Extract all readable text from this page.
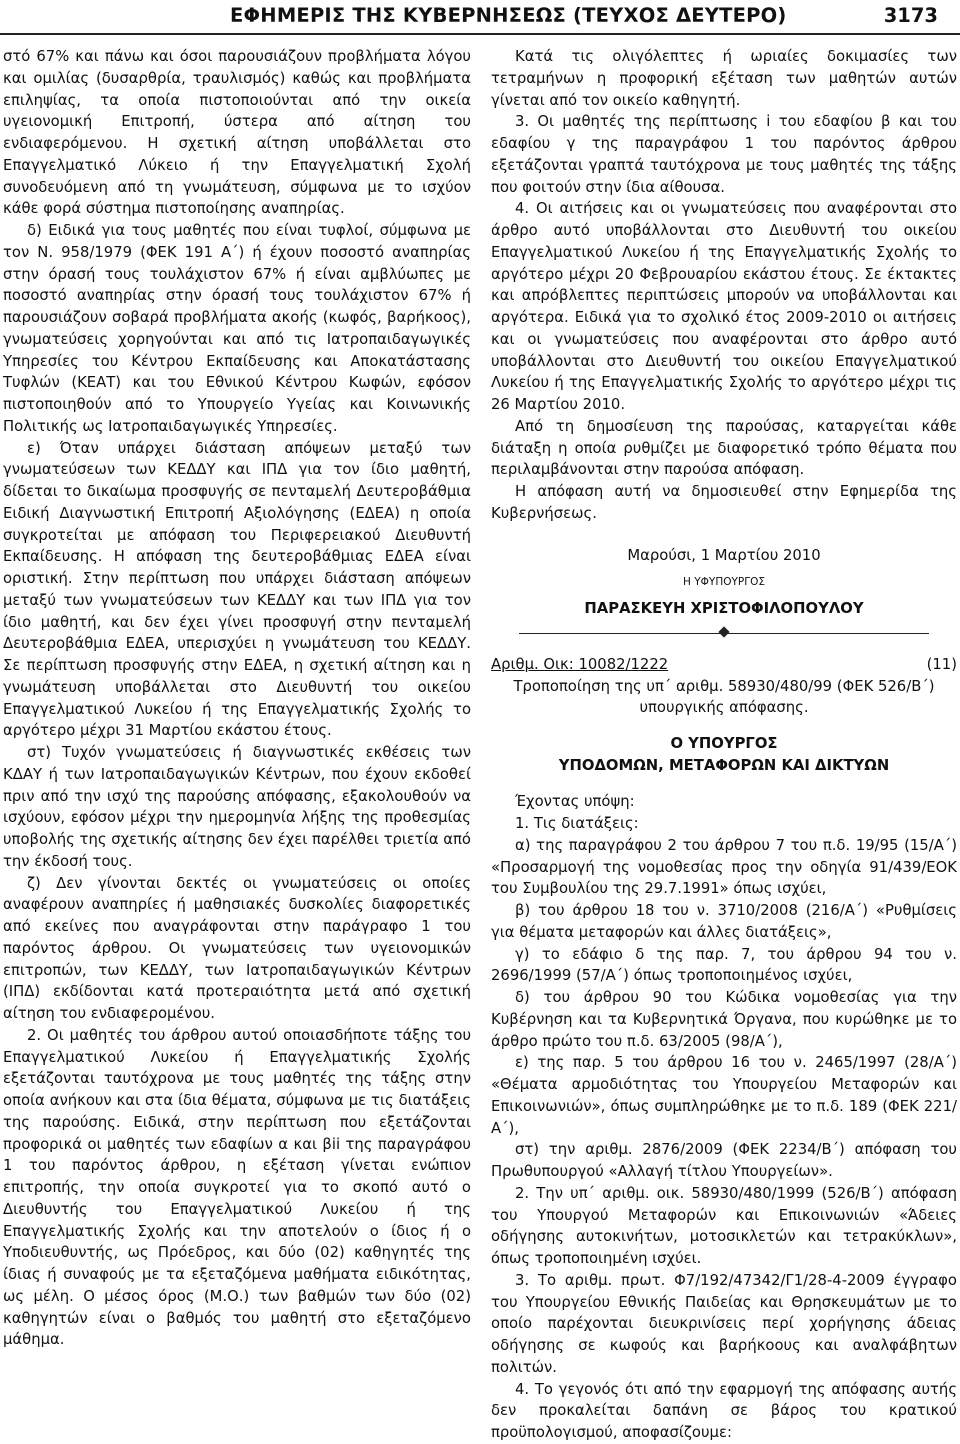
ΕΦΗΜΕΡΙΣ ΤΗΣ ΚΥΒΕΡΝΗΣΕΩΣ (ΤΕΥΧΟΣ ΔΕΥΤΕΡΟ)	3173

στό 67% και πάνω και όσοι παρουσιάζουν προβλήματα λόγου και ομιλίας (δυσαρθρία, τραυλισμός) καθώς και προβλήματα επιληψίας, τα οποία πιστοποιούνται από την οικεία υγειονομική Επιτροπή, ύστερα από αίτηση του ενδιαφερόμενου. Η σχετική αίτηση υποβάλλεται στο Επαγγελματικό Λύκειο ή την Επαγγελματική Σχολή συνοδευόμενη από τη γνωμάτευση, σύμφωνα με το ισχύον κάθε φορά σύστημα πιστοποίησης αναπηρίας.

δ) Ειδικά για τους μαθητές που είναι τυφλοί, σύμφωνα με τον Ν. 958/1979 (ΦΕΚ 191 Α΄) ή έχουν ποσοστό αναπηρίας στην όρασή τους τουλάχιστον 67% ή είναι αμβλύωπες με ποσοστό αναπηρίας στην όρασή τους τουλάχιστον 67% ή παρουσιάζουν σοβαρά προβλήματα ακοής (κωφός, βαρήκοος), γνωματεύσεις χορηγούνται και από τις Ιατροπαιδαγωγικές Υπηρεσίες του Κέντρου Εκπαίδευσης και Αποκατάστασης Τυφλών (ΚΕΑΤ) και του Εθνικού Κέντρου Κωφών, εφόσον πιστοποιηθούν από το Υπουργείο Υγείας και Κοινωνικής Πολιτικής ως Ιατροπαιδαγωγικές Υπηρεσίες.

ε) Όταν υπάρχει διάσταση απόψεων μεταξύ των γνωματεύσεων των ΚΕΔΔΥ και ΙΠΔ για τον ίδιο μαθητή, δίδεται το δικαίωμα προσφυγής σε πενταμελή Δευτεροβάθμια Ειδική Διαγνωστική Επιτροπή Αξιολόγησης (ΕΔΕΑ) η οποία συγκροτείται με απόφαση του Περιφερειακού Διευθυντή Εκπαίδευσης. Η απόφαση της δευτεροβάθμιας ΕΔΕΑ είναι οριστική. Στην περίπτωση που υπάρχει διάσταση απόψεων μεταξύ των γνωματεύσεων των ΚΕΔΔΥ και των ΙΠΔ για τον ίδιο μαθητή, και δεν έχει γίνει προσφυγή στην πενταμελή Δευτεροβάθμια ΕΔΕΑ, υπερισχύει η γνωμάτευση του ΚΕΔΔΥ. Σε περίπτωση προσφυγής στην ΕΔΕΑ, η σχετική αίτηση και η γνωμάτευση υποβάλλεται στο Διευθυντή του οικείου Επαγγελματικού Λυκείου ή της Επαγγελματικής Σχολής το αργότερο μέχρι 31 Μαρτίου εκάστου έτους.

στ) Τυχόν γνωματεύσεις ή διαγνωστικές εκθέσεις των ΚΔΑΥ ή των Ιατροπαιδαγωγικών Κέντρων, που έχουν εκδοθεί πριν από την ισχύ της παρούσης απόφασης, εξακολουθούν να ισχύουν, εφόσον μέχρι την ημερομηνία λήξης της προθεσμίας υποβολής της σχετικής αίτησης δεν έχει παρέλθει τριετία από την έκδοσή τους.

ζ) Δεν γίνονται δεκτές οι γνωματεύσεις οι οποίες αναφέρουν αναπηρίες ή μαθησιακές δυσκολίες διαφορετικές από εκείνες που αναγράφονται στην παράγραφο 1 του παρόντος άρθρου. Οι γνωματεύσεις των υγειονομικών επιτροπών, των ΚΕΔΔΥ, των Ιατροπαιδαγωγικών Κέντρων (ΙΠΔ) εκδίδονται κατά προτεραιότητα μετά από σχετική αίτηση του ενδιαφερομένου.

2. Οι μαθητές του άρθρου αυτού οποιασδήποτε τάξης του Επαγγελματικού Λυκείου ή Επαγγελματικής Σχολής εξετάζονται ταυτόχρονα με τους μαθητές της τάξης στην οποία ανήκουν και στα ίδια θέματα, σύμφωνα με τις διατάξεις της παρούσης. Ειδικά, στην περίπτωση που εξετάζονται προφορικά οι μαθητές των εδαφίων α και βii της παραγράφου 1 του παρόντος άρθρου, η εξέταση γίνεται ενώπιον επιτροπής, την οποία συγκροτεί για το σκοπό αυτό ο Διευθυντής του Επαγγελματικού Λυκείου ή της Επαγγελματικής Σχολής και την αποτελούν ο ίδιος ή ο Υποδιευθυντής, ως Πρόεδρος, και δύο (02) καθηγητές της ίδιας ή συναφούς με τα εξεταζόμενα μαθήματα ειδικότητας, ως μέλη. Ο μέσος όρος (Μ.Ο.) των βαθμών των δύο (02) καθηγητών είναι ο βαθμός του μαθητή στο εξεταζόμενο μάθημα.

Κατά τις ολιγόλεπτες ή ωριαίες δοκιμασίες των τετραμήνων η προφορική εξέταση των μαθητών αυτών γίνεται από τον οικείο καθηγητή.

3. Οι μαθητές της περίπτωσης i του εδαφίου β και του εδαφίου γ της παραγράφου 1 του παρόντος άρθρου εξετάζονται γραπτά ταυτόχρονα με τους μαθητές της τάξης που φοιτούν στην ίδια αίθουσα.

4. Οι αιτήσεις και οι γνωματεύσεις που αναφέρονται στο άρθρο αυτό υποβάλλονται στο Διευθυντή του οικείου Επαγγελματικού Λυκείου ή της Επαγγελματικής Σχολής το αργότερο μέχρι 20 Φεβρουαρίου εκάστου έτους. Σε έκτακτες και απρόβλεπτες περιπτώσεις μπορούν να υποβάλλονται και αργότερα. Ειδικά για το σχολικό έτος 2009-2010 οι αιτήσεις και οι γνωματεύσεις που αναφέρονται στο άρθρο αυτό υποβάλλονται στο Διευθυντή του οικείου Επαγγελματικού Λυκείου ή της Επαγγελματικής Σχολής το αργότερο μέχρι τις 26 Μαρτίου 2010.

Από τη δημοσίευση της παρούσας, καταργείται κάθε διάταξη η οποία ρυθμίζει με διαφορετικό τρόπο θέματα που περιλαμβάνονται στην παρούσα απόφαση.

Η απόφαση αυτή να δημοσιευθεί στην Εφημερίδα της Κυβερνήσεως.

Μαρούσι, 1 Μαρτίου 2010

Η ΥΦΥΠΟΥΡΓΟΣ

ΠΑΡΑΣΚΕΥΗ ΧΡΙΣΤΟΦΙΛΟΠΟΥΛΟΥ

Αριθμ. Οικ: 10082/1222	(11)

Τροποποίηση της υπ΄ αριθμ. 58930/480/99 (ΦΕΚ 526/Β΄) υπουργικής απόφασης.

Ο ΥΠΟΥΡΓΟΣ

ΥΠΟΔΟΜΩΝ, ΜΕΤΑΦΟΡΩΝ ΚΑΙ ΔΙΚΤΥΩΝ

Έχοντας υπόψη:

1. Τις διατάξεις:

α) της παραγράφου 2 του άρθρου 7 του π.δ. 19/95 (15/Α΄) «Προσαρμογή της νομοθεσίας προς την οδηγία 91/439/ΕΟΚ του Συμβουλίου της 29.7.1991» όπως ισχύει,

β) του άρθρου 18 του ν. 3710/2008 (216/Α΄) «Ρυθμίσεις για θέματα μεταφορών και άλλες διατάξεις»,

γ) το εδάφιο δ της παρ. 7, του άρθρου 94 του ν. 2696/1999 (57/Α΄) όπως τροποποιημένος ισχύει,

δ) του άρθρου 90 του Κώδικα νομοθεσίας για την Κυβέρνηση και τα Κυβερνητικά Όργανα, που κυρώθηκε με το άρθρο πρώτο του π.δ. 63/2005 (98/Α΄),

ε) της παρ. 5 του άρθρου 16 του ν. 2465/1997 (28/Α΄) «Θέματα αρμοδιότητας του Υπουργείου Μεταφορών και Επικοινωνιών», όπως συμπληρώθηκε με το π.δ. 189 (ΦΕΚ 221/Α΄),

στ) την αριθμ. 2876/2009 (ΦΕΚ 2234/Β΄) απόφαση του Πρωθυπουργού «Αλλαγή τίτλου Υπουργείων».

2. Την υπ΄ αριθμ. οικ. 58930/480/1999 (526/Β΄) απόφαση του Υπουργού Μεταφορών και Επικοινωνιών «Άδειες οδήγησης αυτοκινήτων, μοτοσικλετών και τετρακύκλων», όπως τροποποιημένη ισχύει.

3. Το αριθμ. πρωτ. Φ7/192/47342/Γ1/28-4-2009 έγγραφο του Υπουργείου Εθνικής Παιδείας και Θρησκευμάτων με το οποίο παρέχονται διευκρινίσεις περί χορήγησης άδειας οδήγησης σε κωφούς και βαρήκοους και αναλφάβητων πολιτών.

4. Το γεγονός ότι από την εφαρμογή της απόφασης αυτής δεν προκαλείται δαπάνη σε βάρος του κρατικού προϋπολογισμού, αποφασίζουμε:
